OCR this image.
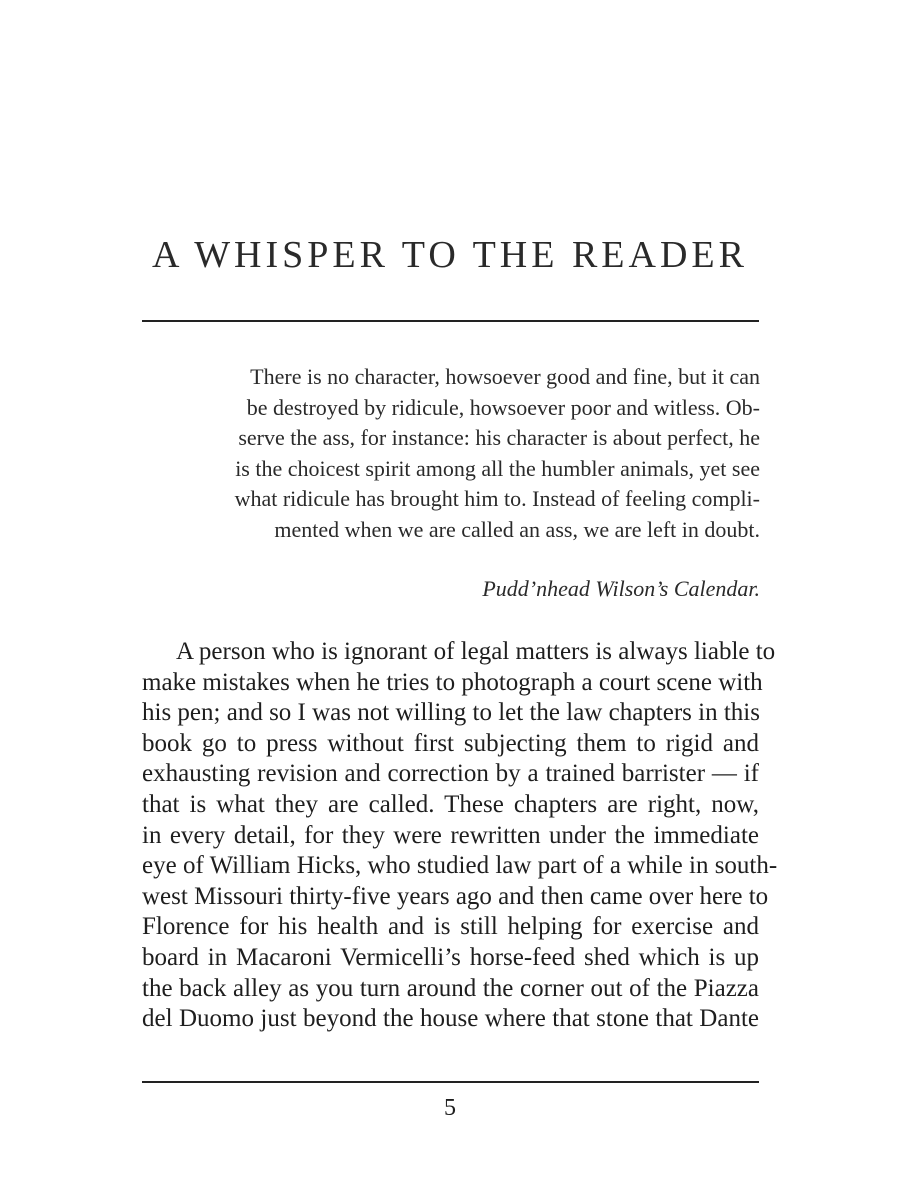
A WHISPER TO THE READER
There is no character, howsoever good and fine, but it can
be destroyed by ridicule, howsoever poor and witless. Ob-
serve the ass, for instance: his character is about perfect, he
is the choicest spirit among all the humbler animals, yet see
what ridicule has brought him to. Instead of feeling compli-
mented when we are called an ass, we are left in doubt.
Pudd’nhead Wilson’s Calendar.
A person who is ignorant of legal matters is always liable to
make mistakes when he tries to photograph a court scene with
his pen; and so I was not willing to let the law chapters in this
book go to press without first subjecting them to rigid and
exhausting revision and correction by a trained barrister — if
that is what they are called. These chapters are right, now,
in every detail, for they were rewritten under the immediate
eye of William Hicks, who studied law part of a while in south-
west Missouri thirty-five years ago and then came over here to
Florence for his health and is still helping for exercise and
board in Macaroni Vermicelli’s horse-feed shed which is up
the back alley as you turn around the corner out of the Piazza
del Duomo just beyond the house where that stone that Dante
5
